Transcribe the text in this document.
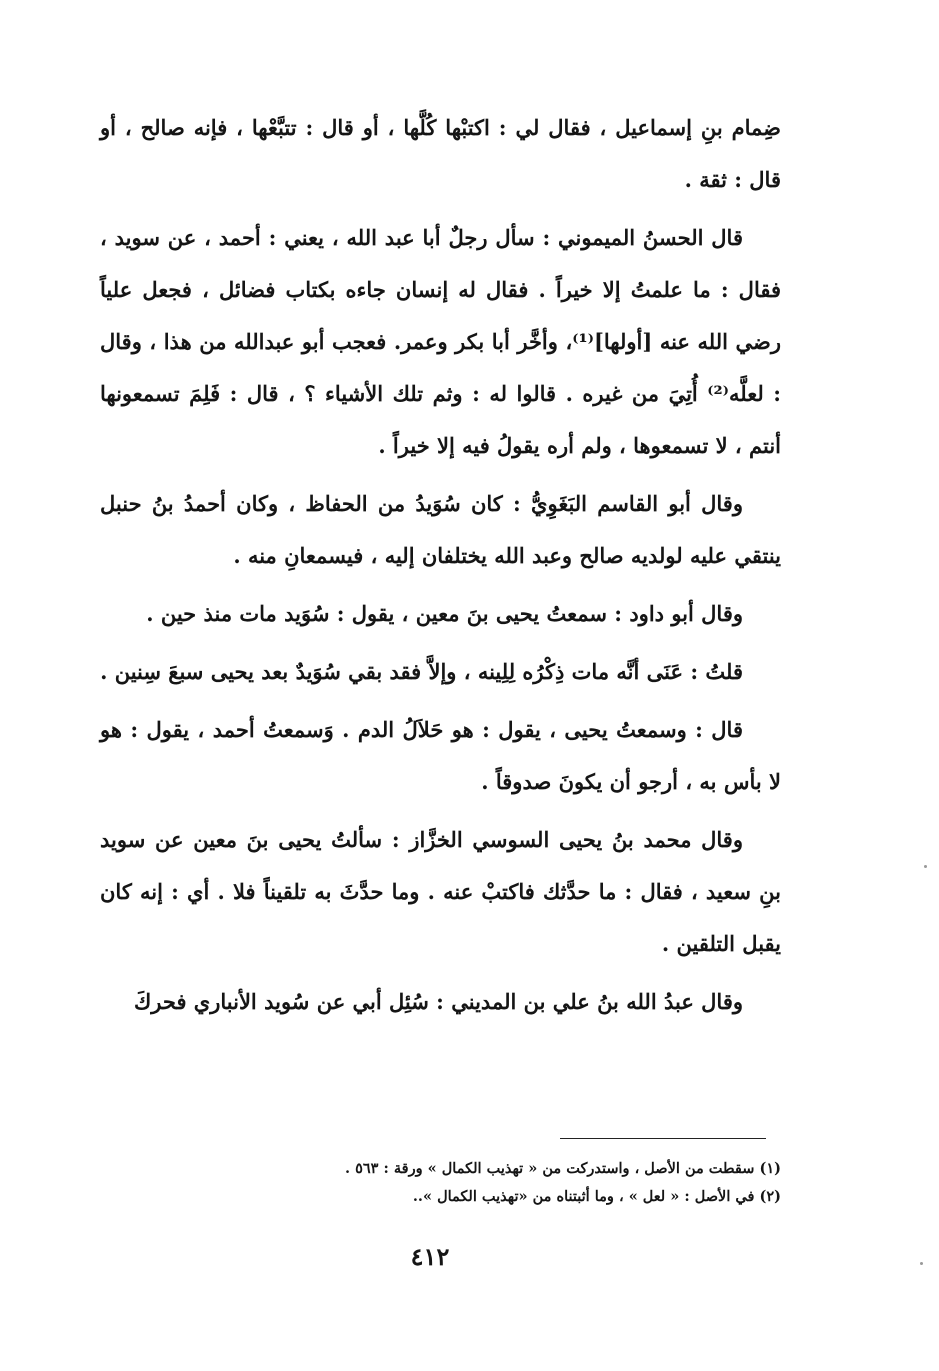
ضِمام بنِ إسماعيل ، فقال لي : اكتبْها كُلَّها ، أو قال : تتبَّعْها ، فإنه صالح ، أو قال : ثقة .

قال الحسنُ الميموني : سأل رجلٌ أبا عبد الله ، يعني : أحمد ، عن سويد ، فقال : ما علمتُ إلا خيراً . فقال له إنسان جاءه بكتاب فضائل ، فجعل علياً رضي الله عنه [أولها]⁽¹⁾، وأخَّر أبا بكر وعمر. فعجب أبو عبدالله من هذا ، وقال : لعلَّه⁽²⁾ أُتِيَ من غيره . قالوا له : وثم تلك الأشياء ؟ ، قال : فَلِمَ تسمعونها أنتم ، لا تسمعوها ، ولم أره يقولُ فيه إلا خيراً .

وقال أبو القاسم البَغَوِيُّ : كان سُوَيدُ من الحفاظ ، وكان أحمدُ بنُ حنبل ينتقي عليه لولديه صالح وعبد الله يختلفان إليه ، فيسمعانِ منه .

وقال أبو داود : سمعتُ يحيى بنَ معين ، يقول : سُوَيد مات منذ حين .

قلتُ : عَنَى أنَّه مات ذِكْرُه لِلِينه ، وإلاَّ فقد بقي سُوَيدٌ بعد يحيى سبعَ سِنين .

قال : وسمعتُ يحيى ، يقول : هو حَلاَلُ الدم . وَسمعتُ أحمد ، يقول : هو لا بأس به ، أرجو أن يكونَ صدوقاً .

وقال محمد بنُ يحيى السوسي الخزَّاز : سألتُ يحيى بنَ معين عن سويد بنِ سعيد ، فقال : ما حدَّثك فاكتبْ عنه . وما حدَّثَ به تلقيناً فلا . أي : إنه كان يقبل التلقين .

وقال عبدُ الله بنُ علي بن المديني : سُئِل أبي عن سُويد الأنباري فحركَ

(١) سقطت من الأصل ، واستدركت من « تهذيب الكمال » ورقة : ٥٦٣ .

(٢) في الأصل : « لعل » ، وما أثبتناه من «تهذيب الكمال »..

٤١٢
